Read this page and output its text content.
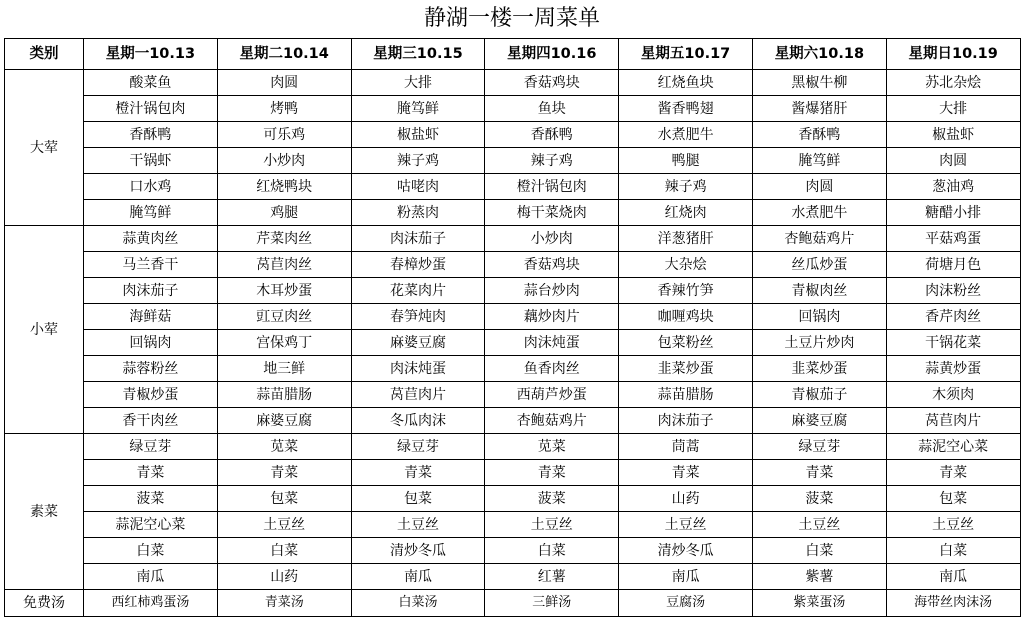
静湖一楼一周菜单
类别	星期一10.13	星期二10.14	星期三10.15	星期四10.16	星期五10.17	星期六10.18	星期日10.19
大荤	酸菜鱼	肉圆	大排	香菇鸡块	红烧鱼块	黑椒牛柳	苏北杂烩
	橙汁锅包肉	烤鸭	腌笃鲜	鱼块	酱香鸭翅	酱爆猪肝	大排
	香酥鸭	可乐鸡	椒盐虾	香酥鸭	水煮肥牛	香酥鸭	椒盐虾
	干锅虾	小炒肉	辣子鸡	辣子鸡	鸭腿	腌笃鲜	肉圆
	口水鸡	红烧鸭块	咕咾肉	橙汁锅包肉	辣子鸡	肉圆	葱油鸡
	腌笃鲜	鸡腿	粉蒸肉	梅干菜烧肉	红烧肉	水煮肥牛	糖醋小排
小荤	蒜黄肉丝	芹菜肉丝	肉沫茄子	小炒肉	洋葱猪肝	杏鲍菇鸡片	平菇鸡蛋
	马兰香干	莴苣肉丝	春樟炒蛋	香菇鸡块	大杂烩	丝瓜炒蛋	荷塘月色
	肉沫茄子	木耳炒蛋	花菜肉片	蒜台炒肉	香辣竹笋	青椒肉丝	肉沫粉丝
	海鲜菇	豇豆肉丝	春笋炖肉	藕炒肉片	咖喱鸡块	回锅肉	香芹肉丝
	回锅肉	宫保鸡丁	麻婆豆腐	肉沫炖蛋	包菜粉丝	土豆片炒肉	干锅花菜
	蒜蓉粉丝	地三鲜	肉沫炖蛋	鱼香肉丝	韭菜炒蛋	韭菜炒蛋	蒜黄炒蛋
	青椒炒蛋	蒜苗腊肠	莴苣肉片	西葫芦炒蛋	蒜苗腊肠	青椒茄子	木须肉
	香干肉丝	麻婆豆腐	冬瓜肉沫	杏鲍菇鸡片	肉沫茄子	麻婆豆腐	莴苣肉片
素菜	绿豆芽	苋菜	绿豆芽	苋菜	茼蒿	绿豆芽	蒜泥空心菜
	青菜	青菜	青菜	青菜	青菜	青菜	青菜
	菠菜	包菜	包菜	菠菜	山药	菠菜	包菜
	蒜泥空心菜	土豆丝	土豆丝	土豆丝	土豆丝	土豆丝	土豆丝
	白菜	白菜	清炒冬瓜	白菜	清炒冬瓜	白菜	白菜
	南瓜	山药	南瓜	红薯	南瓜	紫薯	南瓜
免费汤	西红柿鸡蛋汤	青菜汤	白菜汤	三鲜汤	豆腐汤	紫菜蛋汤	海带丝肉沫汤
